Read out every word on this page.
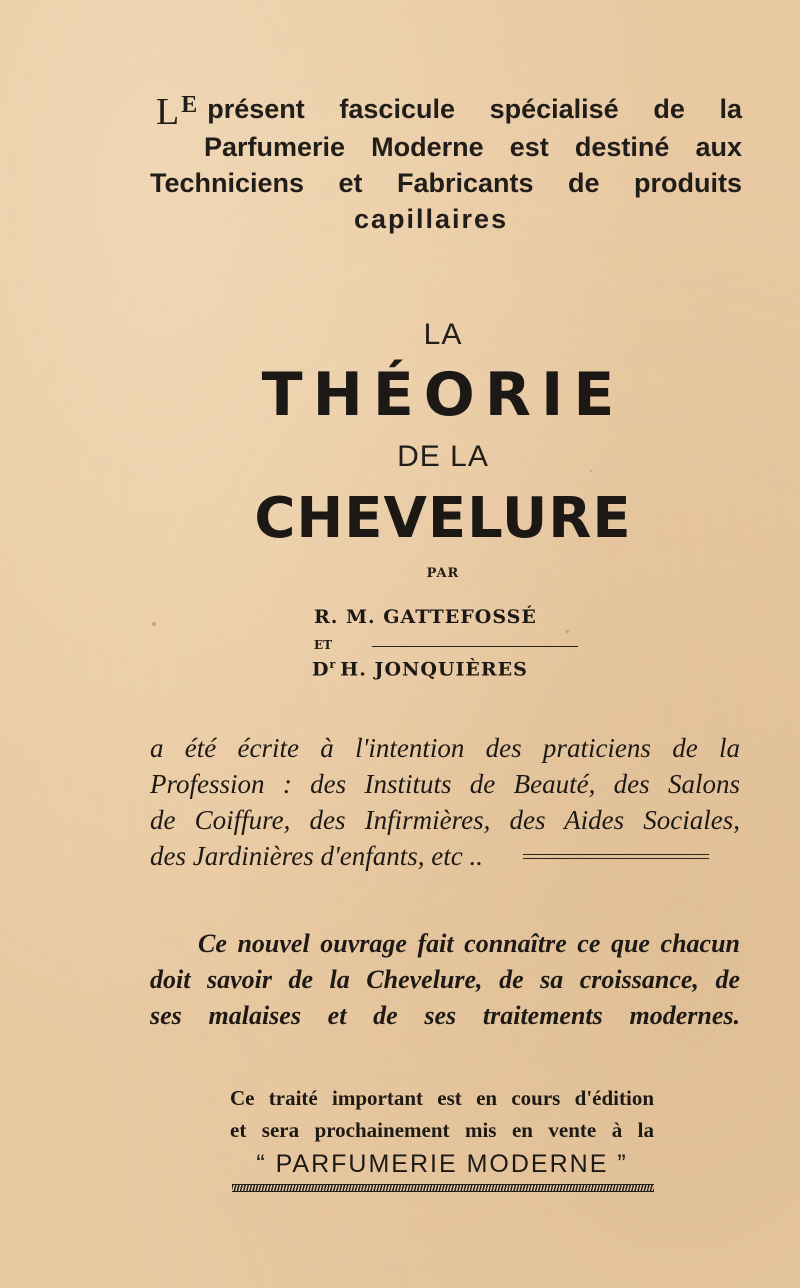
LE présent fascicule spécialisé de la
Parfumerie Moderne est destiné aux
Techniciens et Fabricants de produits
capillaires
LA
THÉORIE
DE LA
CHEVELURE
PAR
R. M. GATTEFOSSÉ
ET
$D^r$ H. JONQUIÈRES
a été écrite à l'intention des praticiens de la
Profession : des Instituts de Beauté, des Salons
de Coiffure, des Infirmières, des Aides Sociales,
des Jardinières d'enfants, etc ..
Ce nouvel ouvrage fait connaître ce que chacun
doit savoir de la Chevelure, de sa croissance, de
ses malaises et de ses traitements modernes.
Ce traité important est en cours d'édition
et sera prochainement mis en vente à la
“ PARFUMERIE MODERNE ”
